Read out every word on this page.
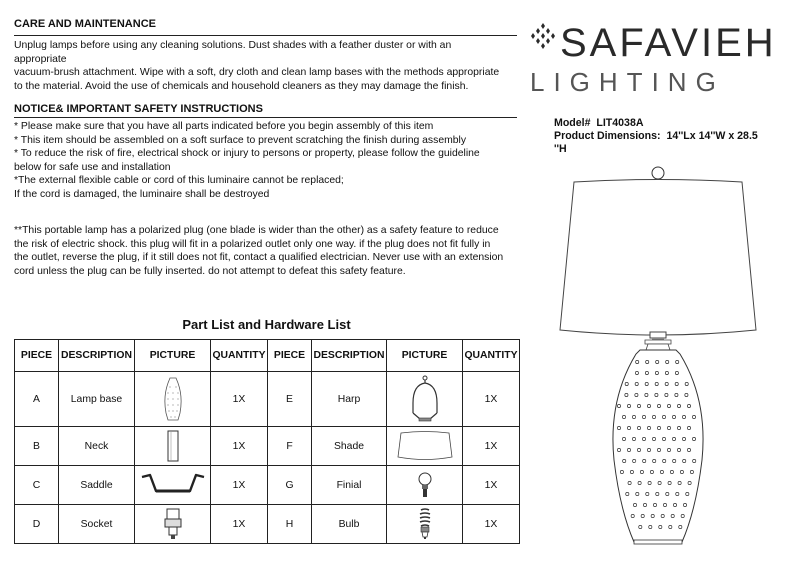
CARE AND MAINTENANCE
Unplug lamps before using any cleaning solutions. Dust shades with a feather duster or with an
appropriate
vacuum-brush attachment. Wipe with a soft, dry cloth and clean lamp bases with the methods appropriate
to the material. Avoid the use of chemicals and household cleaners as they may damage the finish.
NOTICE& IMPORTANT SAFETY INSTRUCTIONS
* Please make sure that you have all parts indicated before you begin assembly of this item
* This item should be assembled on a soft surface to prevent scratching the finish during assembly
* To reduce the risk of fire, electrical shock or injury to persons or property, please follow the guideline
below for safe use and installation
*The external flexible cable or cord of this luminaire cannot be replaced;
If the cord is damaged, the luminaire shall be destroyed
**This portable lamp has a polarized plug (one blade is wider than the other) as a safety feature to reduce
the risk of electric shock. this plug will fit in a polarized outlet only one way. if the plug does not fit fully in
the outlet, reverse the plug, if it still does not fit, contact a qualified electrician. Never use with an extension
cord unless the plug can be fully inserted. do not attempt to defeat this safety feature.
Part List and Hardware List
PIECE	DESCRIPTION	PICTURE	QUANTITY	PIECE	DESCRIPTION	PICTURE	QUANTITY
A	Lamp base		1X	E	Harp		1X
B	Neck		1X	F	Shade		1X
C	Saddle		1X	G	Finial		1X
D	Socket		1X	H	Bulb		1X
SAFAVIEH
LIGHTING
Model# LIT4038A
Product Dimensions: 14''Lx 14''W x 28.5
''H
